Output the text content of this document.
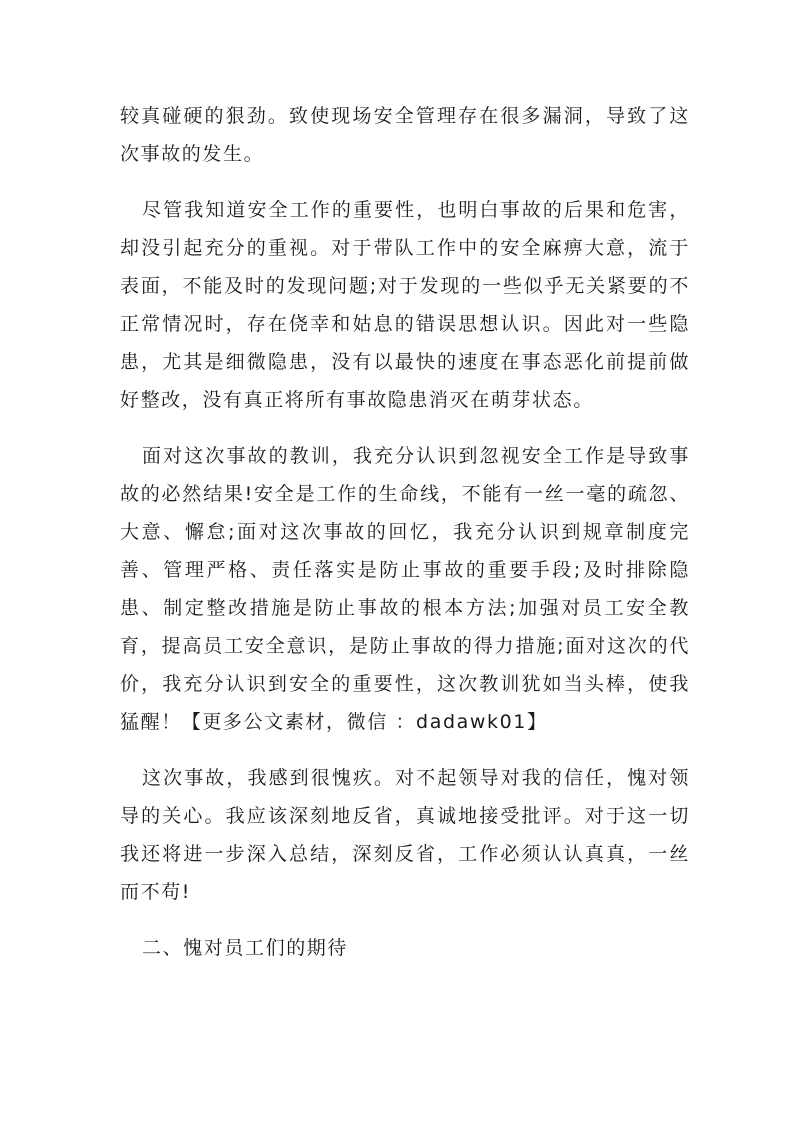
较真碰硬的狠劲。致使现场安全管理存在很多漏洞，导致了这次事故的发生。

尽管我知道安全工作的重要性，也明白事故的后果和危害，却没引起充分的重视。对于带队工作中的安全麻痹大意，流于表面，不能及时的发现问题;对于发现的一些似乎无关紧要的不正常情况时，存在侥幸和姑息的错误思想认识。因此对一些隐患，尤其是细微隐患，没有以最快的速度在事态恶化前提前做好整改，没有真正将所有事故隐患消灭在萌芽状态。

面对这次事故的教训，我充分认识到忽视安全工作是导致事故的必然结果!安全是工作的生命线，不能有一丝一毫的疏忽、大意、懈怠;面对这次事故的回忆，我充分认识到规章制度完善、管理严格、责任落实是防止事故的重要手段;及时排除隐患、制定整改措施是防止事故的根本方法;加强对员工安全教育，提高员工安全意识，是防止事故的得力措施;面对这次的代价，我充分认识到安全的重要性，这次教训犹如当头棒，使我猛醒！【更多公文素材，微信 ：dadawk01】

这次事故，我感到很愧疚。对不起领导对我的信任，愧对领导的关心。我应该深刻地反省，真诚地接受批评。对于这一切我还将进一步深入总结，深刻反省，工作必须认认真真，一丝而不苟!

二、愧对员工们的期待
